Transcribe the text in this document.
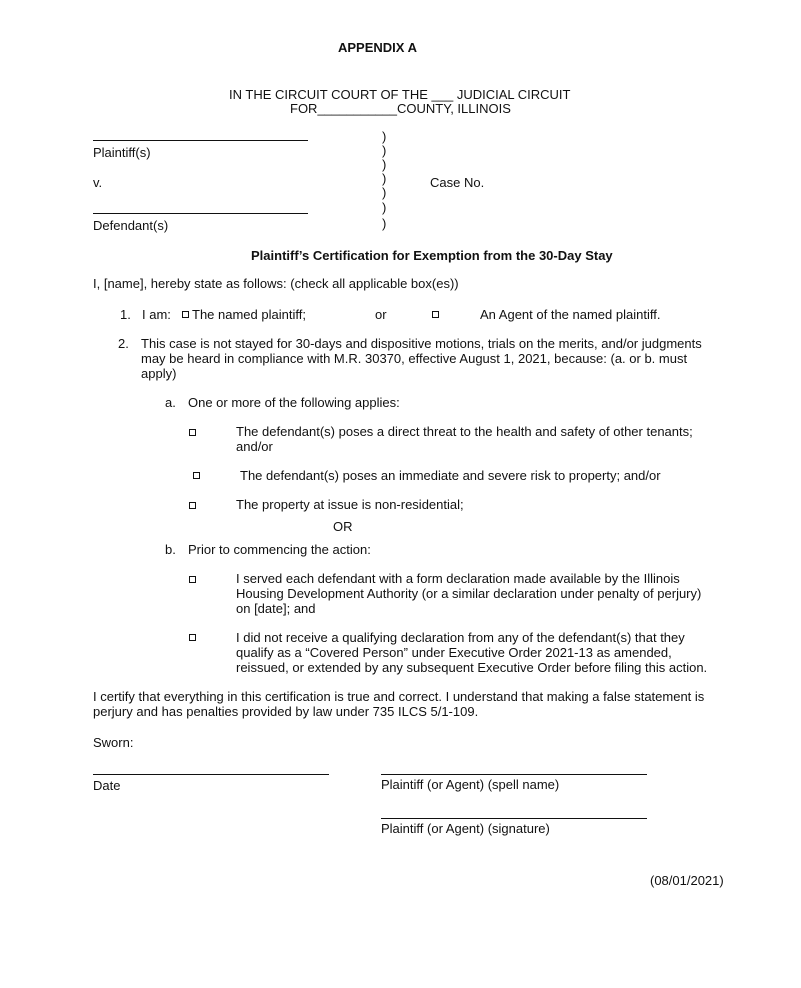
APPENDIX A
IN THE CIRCUIT COURT OF THE ___ JUDICIAL CIRCUIT
FOR___________COUNTY, ILLINOIS
Plaintiff(s)
v.
Defendant(s)
)
)
)
)
)
)
)
Case No.
Plaintiff’s Certification for Exemption from the 30-Day Stay
I, [name], hereby state as follows: (check all applicable box(es))
1. I am: The named plaintiff;	or	An Agent of the named plaintiff.
2. This case is not stayed for 30-days and dispositive motions, trials on the merits, and/or judgments may be heard in compliance with M.R. 30370, effective August 1, 2021, because: (a. or b. must apply)
a. One or more of the following applies:
The defendant(s) poses a direct threat to the health and safety of other tenants; and/or
The defendant(s) poses an immediate and severe risk to property; and/or
The property at issue is non-residential;
OR
b. Prior to commencing the action:
I served each defendant with a form declaration made available by the Illinois Housing Development Authority (or a similar declaration under penalty of perjury) on [date]; and
I did not receive a qualifying declaration from any of the defendant(s) that they qualify as a “Covered Person” under Executive Order 2021-13 as amended, reissued, or extended by any subsequent Executive Order before filing this action.
I certify that everything in this certification is true and correct. I understand that making a false statement is perjury and has penalties provided by law under 735 ILCS 5/1-109.
Sworn:
Date	Plaintiff (or Agent) (spell name)
Plaintiff (or Agent) (signature)
(08/01/2021)
